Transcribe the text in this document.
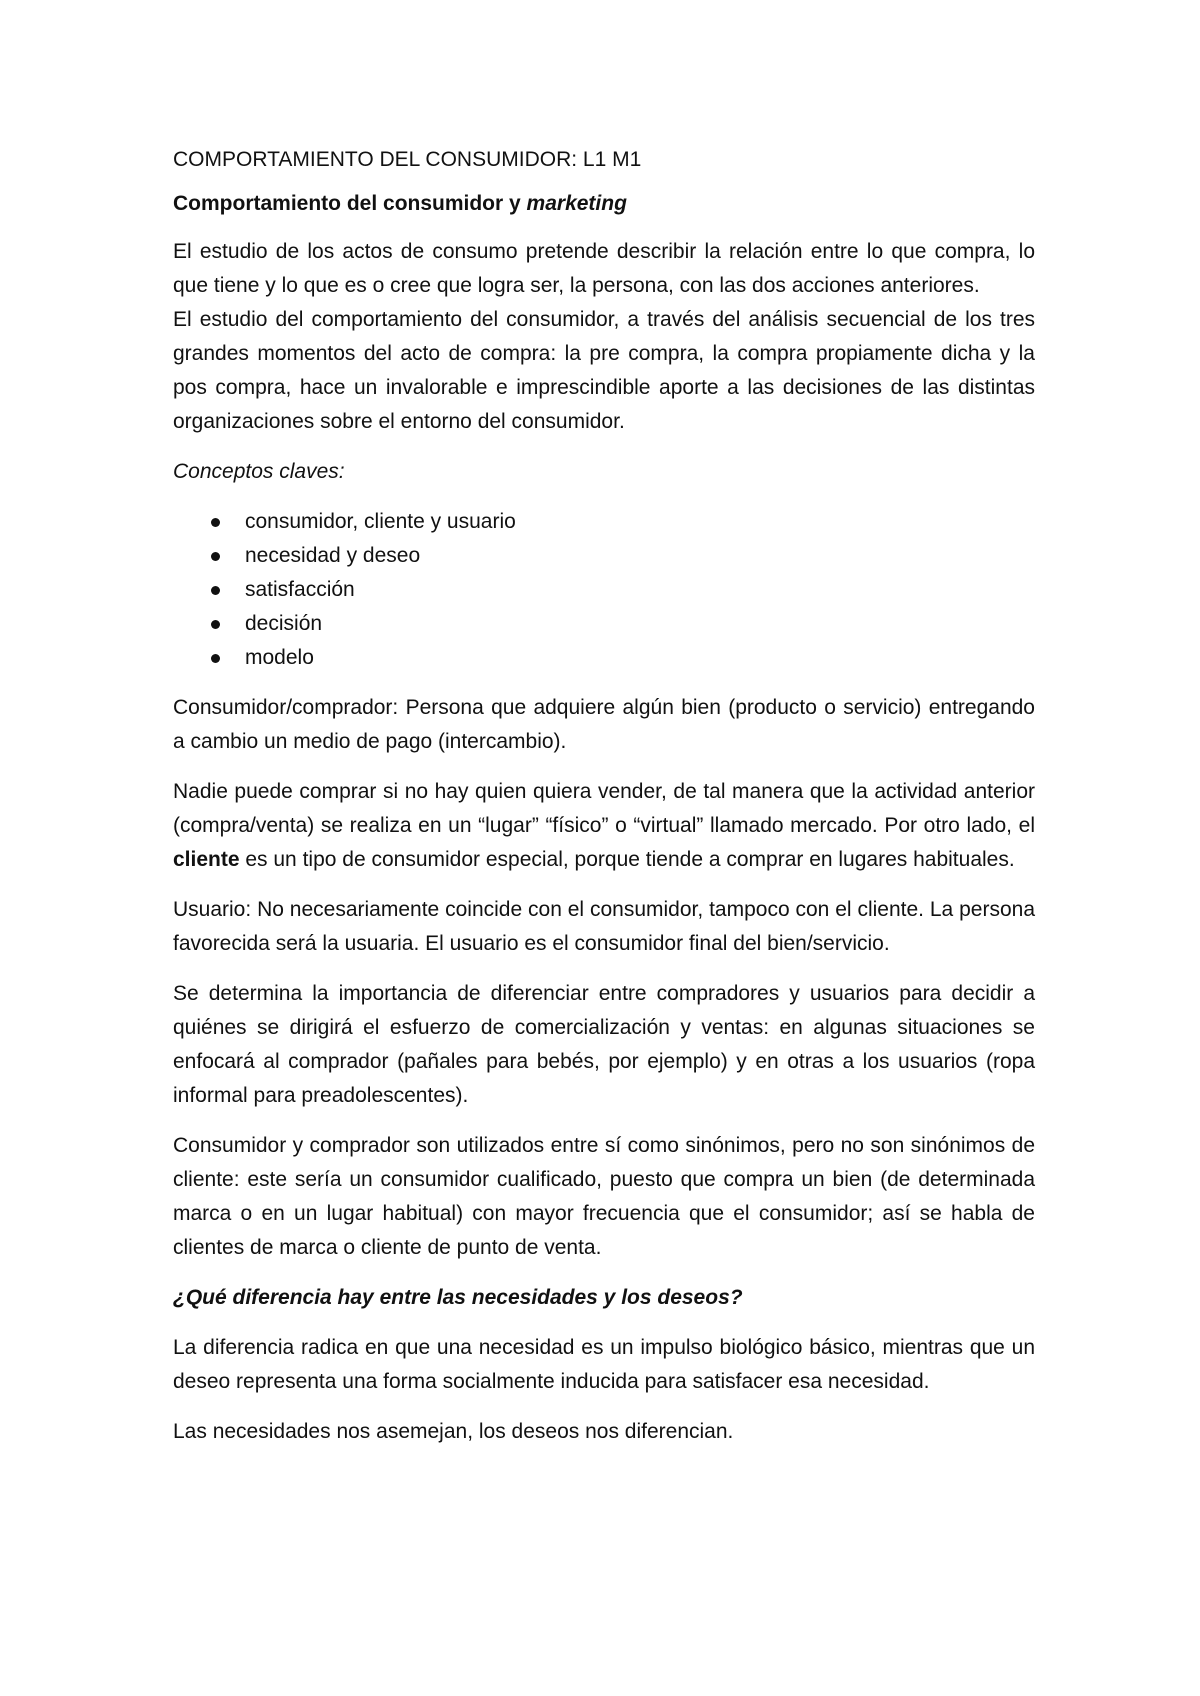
COMPORTAMIENTO DEL CONSUMIDOR: L1 M1

Comportamiento del consumidor y marketing

El estudio de los actos de consumo pretende describir la relación entre lo que compra, lo que tiene y lo que es o cree que logra ser, la persona, con las dos acciones anteriores.

El estudio del comportamiento del consumidor, a través del análisis secuencial de los tres grandes momentos del acto de compra: la pre compra, la compra propiamente dicha y la pos compra, hace un invalorable e imprescindible aporte a las decisiones de las distintas organizaciones sobre el entorno del consumidor.

Conceptos claves:

consumidor, cliente y usuario
necesidad y deseo
satisfacción
decisión
modelo

Consumidor/comprador: Persona que adquiere algún bien (producto o servicio) entregando a cambio un medio de pago (intercambio).

Nadie puede comprar si no hay quien quiera vender, de tal manera que la actividad anterior (compra/venta) se realiza en un “lugar” “físico” o “virtual” llamado mercado. Por otro lado, el cliente es un tipo de consumidor especial, porque tiende a comprar en lugares habituales.

Usuario: No necesariamente coincide con el consumidor, tampoco con el cliente. La persona favorecida será la usuaria. El usuario es el consumidor final del bien/servicio.

Se determina la importancia de diferenciar entre compradores y usuarios para decidir a quiénes se dirigirá el esfuerzo de comercialización y ventas: en algunas situaciones se enfocará al comprador (pañales para bebés, por ejemplo) y en otras a los usuarios (ropa informal para preadolescentes).

Consumidor y comprador son utilizados entre sí como sinónimos, pero no son sinónimos de cliente: este sería un consumidor cualificado, puesto que compra un bien (de determinada marca o en un lugar habitual) con mayor frecuencia que el consumidor; así se habla de clientes de marca o cliente de punto de venta.

¿Qué diferencia hay entre las necesidades y los deseos?

La diferencia radica en que una necesidad es un impulso biológico básico, mientras que un deseo representa una forma socialmente inducida para satisfacer esa necesidad.

Las necesidades nos asemejan, los deseos nos diferencian.
